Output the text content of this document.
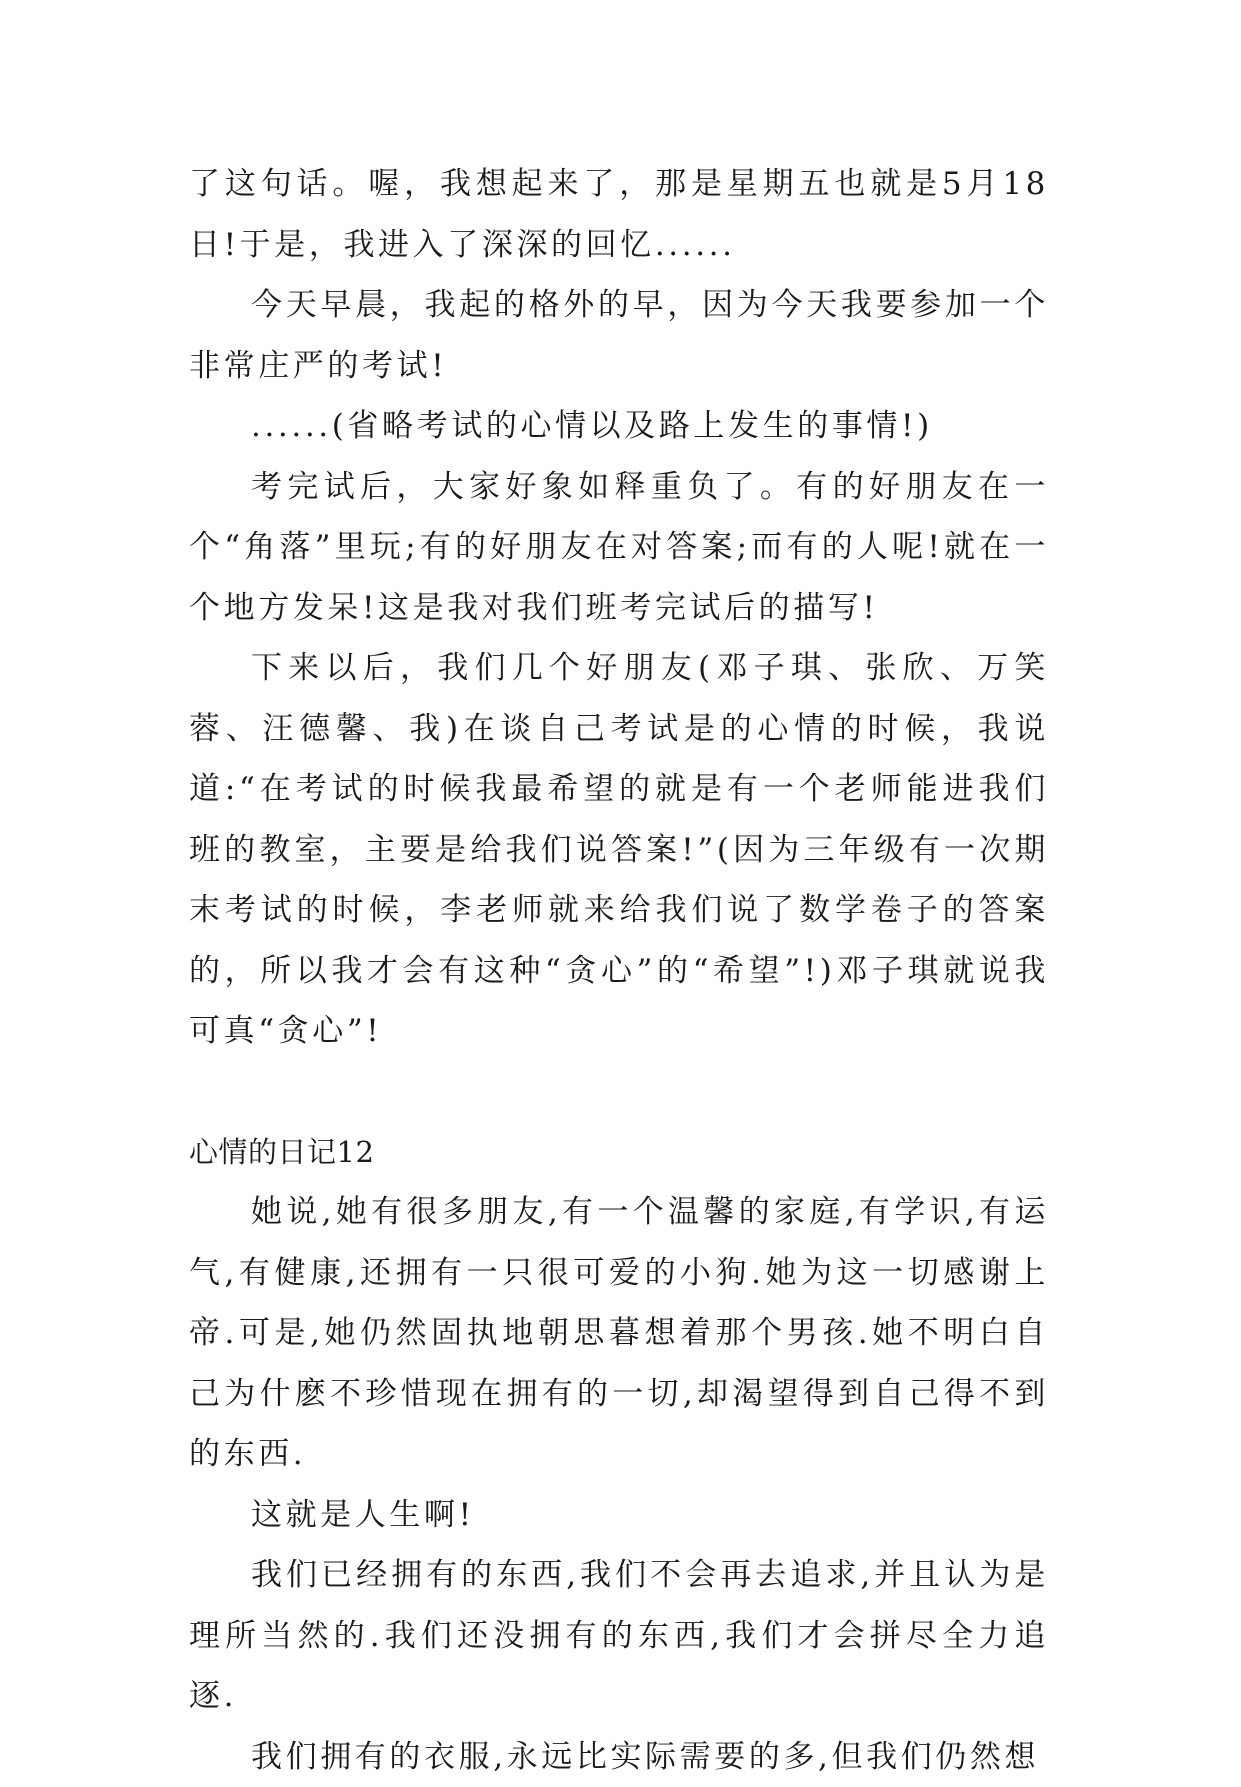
了这句话。喔，我想起来了，那是星期五也就是5月18日!于是，我进入了深深的回忆......

今天早晨，我起的格外的早，因为今天我要参加一个非常庄严的考试!

......(省略考试的心情以及路上发生的事情!)

考完试后，大家好象如释重负了。有的好朋友在一个“角落”里玩;有的好朋友在对答案;而有的人呢!就在一个地方发呆!这是我对我们班考完试后的描写!

下来以后，我们几个好朋友(邓子琪、张欣、万笑蓉、汪德馨、我)在谈自己考试是的心情的时候，我说道:“在考试的时候我最希望的就是有一个老师能进我们班的教室，主要是给我们说答案!”(因为三年级有一次期末考试的时候，李老师就来给我们说了数学卷子的答案的，所以我才会有这种“贪心”的“希望”!)邓子琪就说我可真“贪心”!

心情的日记12

她说,她有很多朋友,有一个温馨的家庭,有学识,有运气,有健康,还拥有一只很可爱的小狗.她为这一切感谢上帝.可是,她仍然固执地朝思暮想着那个男孩.她不明白自己为什麽不珍惜现在拥有的一切,却渴望得到自己得不到的东西.

这就是人生啊!

我们已经拥有的东西,我们不会再去追求,并且认为是理所当然的.我们还没拥有的东西,我们才会拼尽全力追逐.

我们拥有的衣服,永远比实际需要的多,但我们仍然想
